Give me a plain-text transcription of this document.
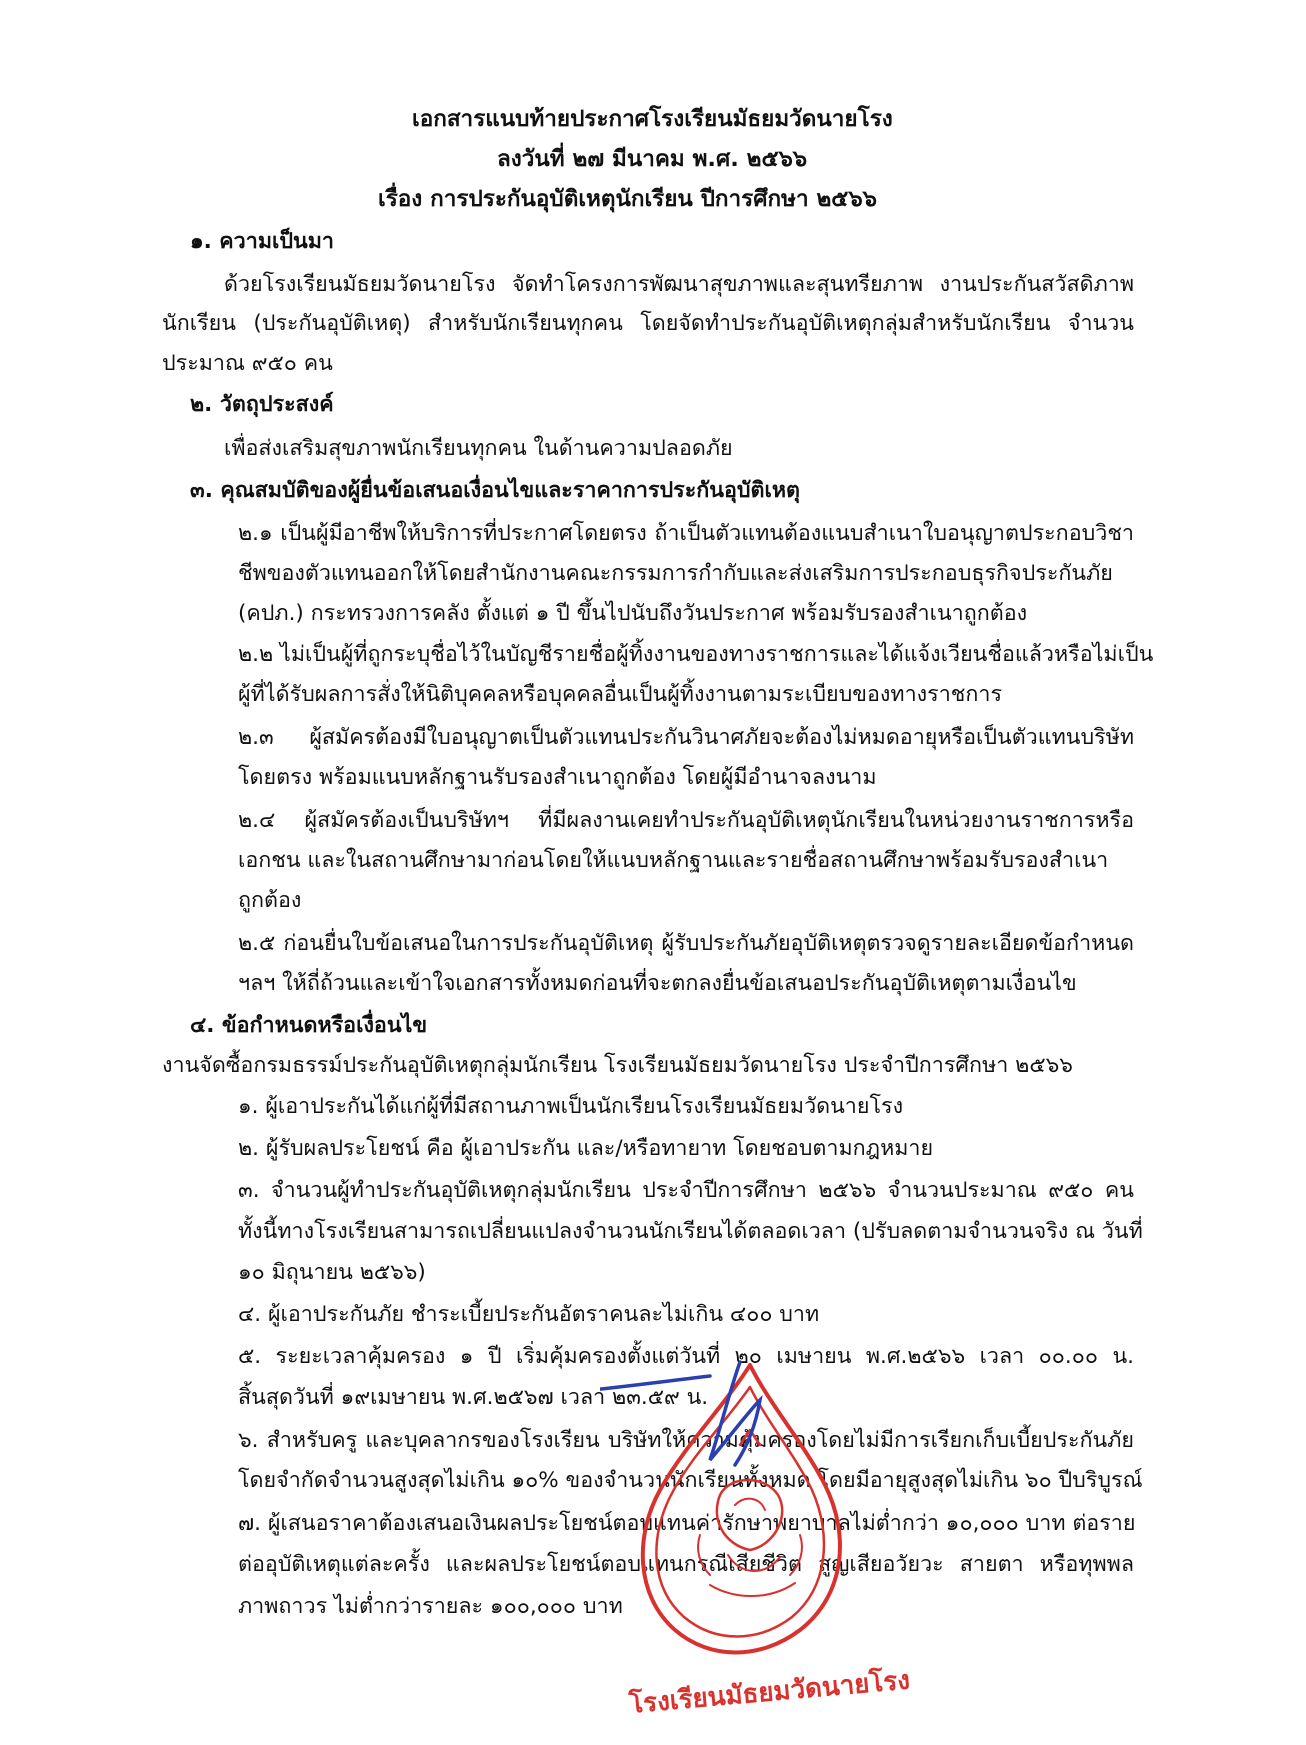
เอกสารแนบท้ายประกาศโรงเรียนมัธยมวัดนายโรง
ลงวันที่ ๒๗ มีนาคม พ.ศ. ๒๕๖๖
เรื่อง การประกันอุบัติเหตุนักเรียน ปีการศึกษา ๒๕๖๖
๑. ความเป็นมา
ด้วยโรงเรียนมัธยมวัดนายโรง จัดทำโครงการพัฒนาสุขภาพและสุนทรียภาพ งานประกันสวัสดิภาพ
นักเรียน (ประกันอุบัติเหตุ) สำหรับนักเรียนทุกคน โดยจัดทำประกันอุบัติเหตุกลุ่มสำหรับนักเรียน จำนวน
ประมาณ ๙๕๐ คน
๒. วัตถุประสงค์
เพื่อส่งเสริมสุขภาพนักเรียนทุกคน ในด้านความปลอดภัย
๓. คุณสมบัติของผู้ยื่นข้อเสนอเงื่อนไขและราคาการประกันอุบัติเหตุ
๒.๑ เป็นผู้มีอาชีพให้บริการที่ประกาศโดยตรง ถ้าเป็นตัวแทนต้องแนบสำเนาใบอนุญาตประกอบวิชา
ชีพของตัวแทนออกให้โดยสำนักงานคณะกรรมการกำกับและส่งเสริมการประกอบธุรกิจประกันภัย
(คปภ.) กระทรวงการคลัง ตั้งแต่ ๑ ปี ขึ้นไปนับถึงวันประกาศ พร้อมรับรองสำเนาถูกต้อง
๒.๒ ไม่เป็นผู้ที่ถูกระบุชื่อไว้ในบัญชีรายชื่อผู้ทิ้งงานของทางราชการและได้แจ้งเวียนชื่อแล้วหรือไม่เป็น
ผู้ที่ได้รับผลการสั่งให้นิติบุคคลหรือบุคคลอื่นเป็นผู้ทิ้งงานตามระเบียบของทางราชการ
๒.๓ ผู้สมัครต้องมีใบอนุญาตเป็นตัวแทนประกันวินาศภัยจะต้องไม่หมดอายุหรือเป็นตัวแทนบริษัท
โดยตรง พร้อมแนบหลักฐานรับรองสำเนาถูกต้อง โดยผู้มีอำนาจลงนาม
๒.๔ ผู้สมัครต้องเป็นบริษัทฯ ที่มีผลงานเคยทำประกันอุบัติเหตุนักเรียนในหน่วยงานราชการหรือ
เอกชน และในสถานศึกษามาก่อนโดยให้แนบหลักฐานและรายชื่อสถานศึกษาพร้อมรับรองสำเนา
ถูกต้อง
๒.๕ ก่อนยื่นใบข้อเสนอในการประกันอุบัติเหตุ ผู้รับประกันภัยอุบัติเหตุตรวจดูรายละเอียดข้อกำหนด
ฯลฯ ให้ถี่ถ้วนและเข้าใจเอกสารทั้งหมดก่อนที่จะตกลงยื่นข้อเสนอประกันอุบัติเหตุตามเงื่อนไข
๔. ข้อกำหนดหรือเงื่อนไข
งานจัดซื้อกรมธรรม์ประกันอุบัติเหตุกลุ่มนักเรียน โรงเรียนมัธยมวัดนายโรง ประจำปีการศึกษา ๒๕๖๖
๑. ผู้เอาประกันได้แก่ผู้ที่มีสถานภาพเป็นนักเรียนโรงเรียนมัธยมวัดนายโรง
๒. ผู้รับผลประโยชน์ คือ ผู้เอาประกัน และ/หรือทายาท โดยชอบตามกฎหมาย
๓. จำนวนผู้ทำประกันอุบัติเหตุกลุ่มนักเรียน ประจำปีการศึกษา ๒๕๖๖ จำนวนประมาณ ๙๕๐ คน
ทั้งนี้ทางโรงเรียนสามารถเปลี่ยนแปลงจำนวนนักเรียนได้ตลอดเวลา (ปรับลดตามจำนวนจริง ณ วันที่
๑๐ มิถุนายน ๒๕๖๖)
๔. ผู้เอาประกันภัย ชำระเบี้ยประกันอัตราคนละไม่เกิน ๔๐๐ บาท
๕. ระยะเวลาคุ้มครอง ๑ ปี เริ่มคุ้มครองตั้งแต่วันที่ ๒๐ เมษายน พ.ศ.๒๕๖๖ เวลา ๐๐.๐๐ น.
สิ้นสุดวันที่ ๑๙เมษายน พ.ศ.๒๕๖๗ เวลา ๒๓.๕๙ น.
๖. สำหรับครู และบุคลากรของโรงเรียน บริษัทให้ความคุ้มครองโดยไม่มีการเรียกเก็บเบี้ยประกันภัย
โดยจำกัดจำนวนสูงสุดไม่เกิน ๑๐% ของจำนวนนักเรียนทั้งหมด โดยมีอายุสูงสุดไม่เกิน ๖๐ ปีบริบูรณ์
๗. ผู้เสนอราคาต้องเสนอเงินผลประโยชน์ตอบแทนค่ารักษาพยาบาลไม่ต่ำกว่า ๑๐,๐๐๐ บาท ต่อราย
ต่ออุบัติเหตุแต่ละครั้ง และผลประโยชน์ตอบแทนกรณีเสียชีวิต สูญเสียอวัยวะ สายตา หรือทุพพล
ภาพถาวร ไม่ต่ำกว่ารายละ ๑๐๐,๐๐๐ บาท
โรงเรียนมัธยมวัดนายโรง
